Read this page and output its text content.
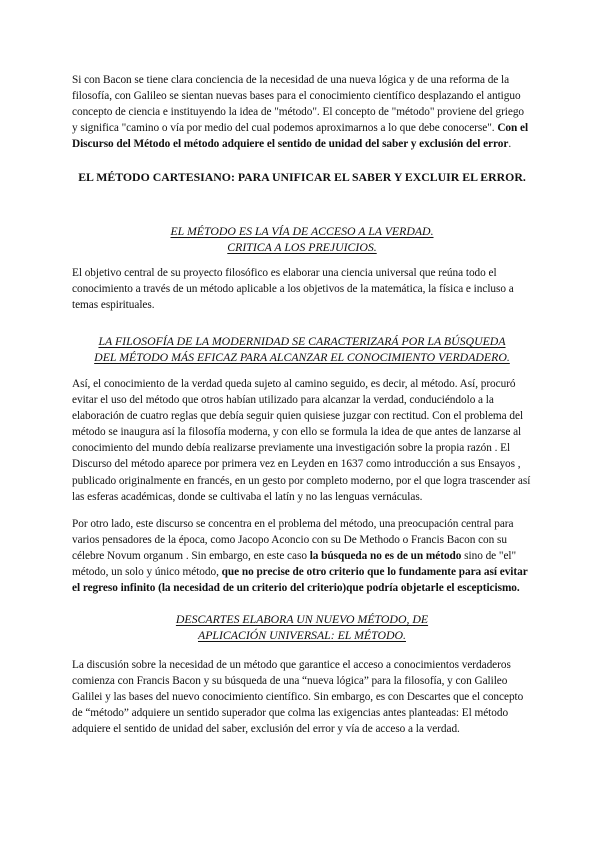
Si con Bacon se tiene clara conciencia de la necesidad de una nueva lógica y de una reforma de la filosofía, con Galileo se sientan nuevas bases para el conocimiento científico desplazando el antiguo concepto de ciencia e instituyendo la idea de "método". El concepto de "método" proviene del griego y significa "camino o vía por medio del cual podemos aproximarnos a lo que debe conocerse". Con el Discurso del Método el método adquiere el sentido de unidad del saber y exclusión del error.

EL MÉTODO CARTESIANO: PARA UNIFICAR EL SABER Y EXCLUIR EL ERROR.

EL MÉTODO ES LA VÍA DE ACCESO A LA VERDAD.
CRITICA A LOS PREJUICIOS.

El objetivo central de su proyecto filosófico es elaborar una ciencia universal que reúna todo el conocimiento a través de un método aplicable a los objetivos de la matemática, la física e incluso a temas espirituales.

LA FILOSOFÍA DE LA MODERNIDAD SE CARACTERIZARÁ POR LA BÚSQUEDA
DEL MÉTODO MÁS EFICAZ PARA ALCANZAR EL CONOCIMIENTO VERDADERO.

Así, el conocimiento de la verdad queda sujeto al camino seguido, es decir, al método. Así, procuró evitar el uso del método que otros habían utilizado para alcanzar la verdad, conduciéndolo a la elaboración de cuatro reglas que debía seguir quien quisiese juzgar con rectitud. Con el problema del método se inaugura así la filosofía moderna, y con ello se formula la idea de que antes de lanzarse al conocimiento del mundo debía realizarse previamente una investigación sobre la propia razón . El Discurso del método aparece por primera vez en Leyden en 1637 como introducción a sus Ensayos , publicado originalmente en francés, en un gesto por completo moderno, por el que logra trascender así las esferas académicas, donde se cultivaba el latín y no las lenguas vernáculas.

Por otro lado, este discurso se concentra en el problema del método, una preocupación central para varios pensadores de la época, como Jacopo Aconcio con su De Methodo o Francis Bacon con su célebre Novum organum . Sin embargo, en este caso la búsqueda no es de un método sino de "el" método, un solo y único método, que no precise de otro criterio que lo fundamente para así evitar el regreso infinito (la necesidad de un criterio del criterio)que podría objetarle el escepticismo.

DESCARTES ELABORA UN NUEVO MÉTODO, DE
APLICACIÓN UNIVERSAL: EL MÉTODO.

La discusión sobre la necesidad de un método que garantice el acceso a conocimientos verdaderos comienza con Francis Bacon y su búsqueda de una “nueva lógica” para la filosofía, y con Galileo Galilei y las bases del nuevo conocimiento científico. Sin embargo, es con Descartes que el concepto de “método” adquiere un sentido superador que colma las exigencias antes planteadas: El método adquiere el sentido de unidad del saber, exclusión del error y vía de acceso a la verdad.
